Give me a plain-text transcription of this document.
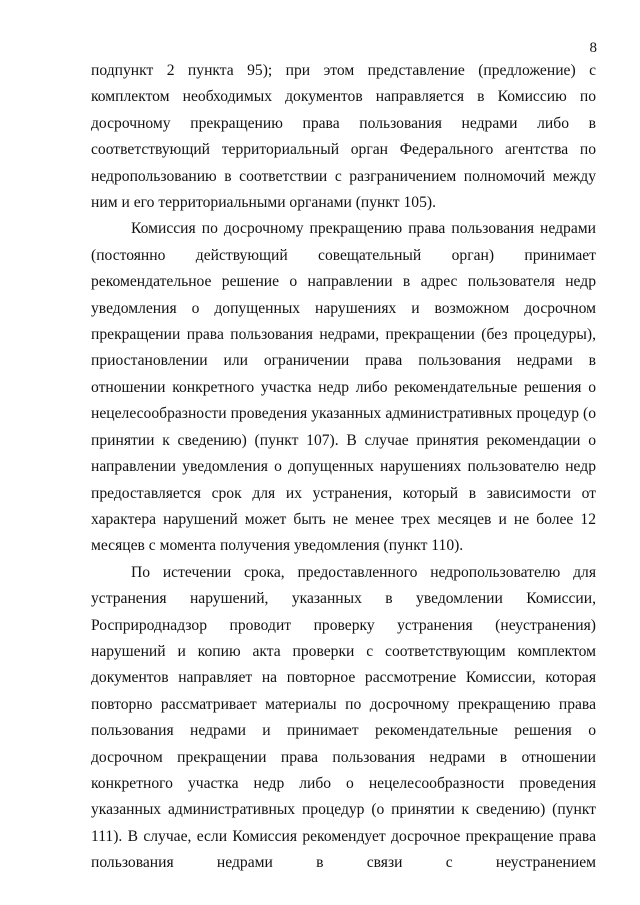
8

подпункт 2 пункта 95); при этом представление (предложение) с комплектом необходимых документов направляется в Комиссию по досрочному прекращению права пользования недрами либо в соответствующий территориальный орган Федерального агентства по недропользованию в соответствии с разграничением полномочий между ним и его территориальными органами (пункт 105).

Комиссия по досрочному прекращению права пользования недрами (постоянно действующий совещательный орган) принимает рекомендательное решение о направлении в адрес пользователя недр уведомления о допущенных нарушениях и возможном досрочном прекращении права пользования недрами, прекращении (без процедуры), приостановлении или ограничении права пользования недрами в отношении конкретного участка недр либо рекомендательные решения о нецелесообразности проведения указанных административных процедур (о принятии к сведению) (пункт 107). В случае принятия рекомендации о направлении уведомления о допущенных нарушениях пользователю недр предоставляется срок для их устранения, который в зависимости от характера нарушений может быть не менее трех месяцев и не более 12 месяцев с момента получения уведомления (пункт 110).

По истечении срока, предоставленного недропользователю для устранения нарушений, указанных в уведомлении Комиссии, Росприроднадзор проводит проверку устранения (неустранения) нарушений и копию акта проверки с соответствующим комплектом документов направляет на повторное рассмотрение Комиссии, которая повторно рассматривает материалы по досрочному прекращению права пользования недрами и принимает рекомендательные решения о досрочном прекращении права пользования недрами в отношении конкретного участка недр либо о нецелесообразности проведения указанных административных процедур (о принятии к сведению) (пункт 111). В случае, если Комиссия рекомендует досрочное прекращение права пользования недрами в связи с неустранением
